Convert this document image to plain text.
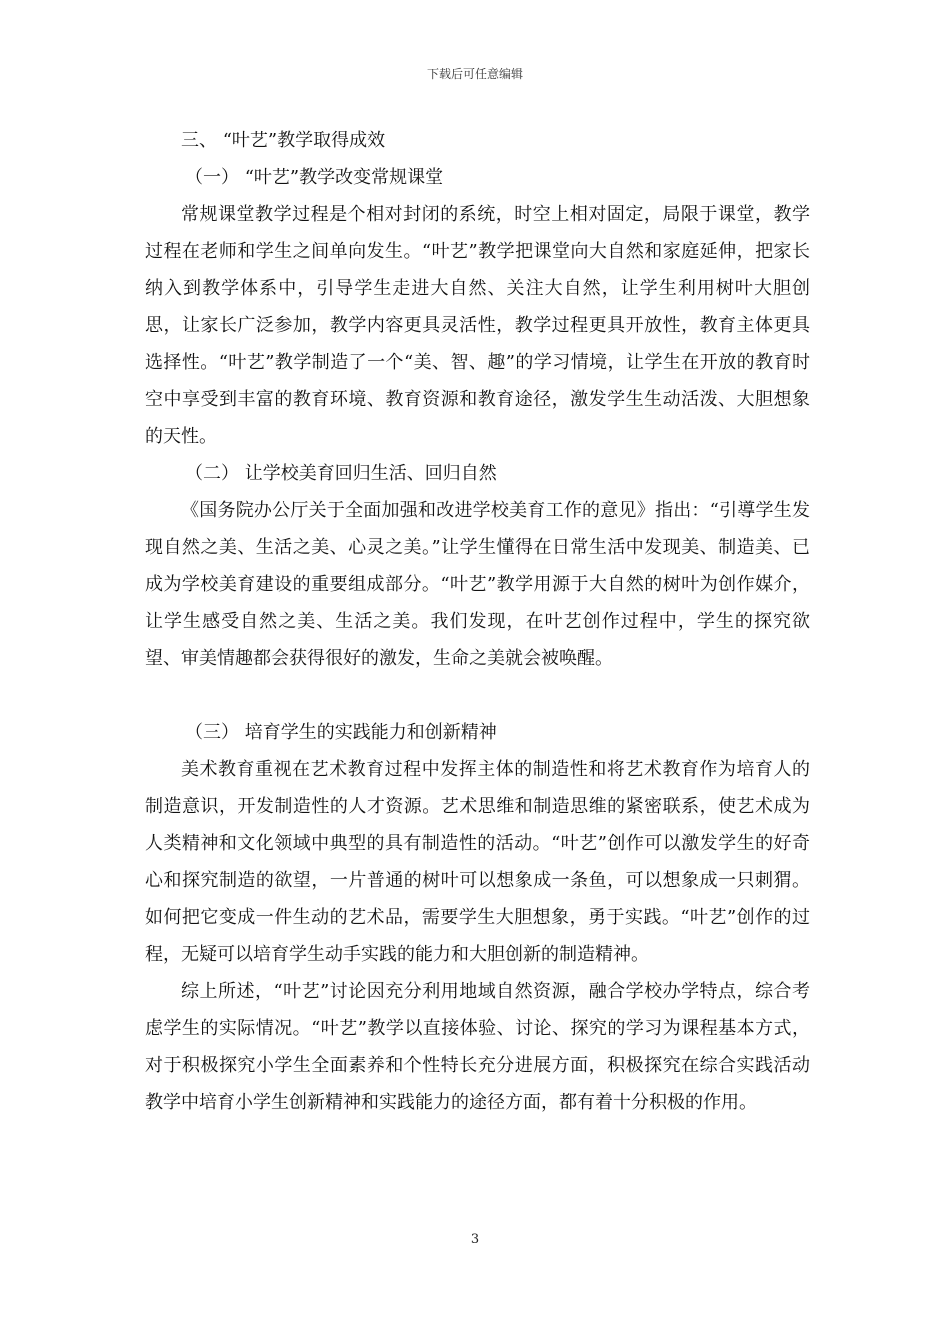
下载后可任意编辑

三、 “叶艺”教学取得成效

（一） “叶艺”教学改变常规课堂

常规课堂教学过程是个相对封闭的系统，时空上相对固定，局限于课堂，教学过程在老师和学生之间单向发生。“叶艺”教学把课堂向大自然和家庭延伸，把家长纳入到教学体系中，引导学生走进大自然、关注大自然，让学生利用树叶大胆创思，让家长广泛参加，教学内容更具灵活性，教学过程更具开放性，教育主体更具选择性。“叶艺”教学制造了一个“美、智、趣”的学习情境，让学生在开放的教育时空中享受到丰富的教育环境、教育资源和教育途径，激发学生生动活泼、大胆想象的天性。

（二） 让学校美育回归生活、回归自然

《国务院办公厅关于全面加强和改进学校美育工作的意见》指出：“引導学生发现自然之美、生活之美、心灵之美。”让学生懂得在日常生活中发现美、制造美、已成为学校美育建设的重要组成部分。“叶艺”教学用源于大自然的树叶为创作媒介，让学生感受自然之美、生活之美。我们发现，在叶艺创作过程中，学生的探究欲望、审美情趣都会获得很好的激发，生命之美就会被唤醒。

（三） 培育学生的实践能力和创新精神

美术教育重视在艺术教育过程中发挥主体的制造性和将艺术教育作为培育人的制造意识，开发制造性的人才资源。艺术思维和制造思维的紧密联系，使艺术成为人类精神和文化领域中典型的具有制造性的活动。“叶艺”创作可以激发学生的好奇心和探究制造的欲望，一片普通的树叶可以想象成一条鱼，可以想象成一只刺猬。如何把它变成一件生动的艺术品，需要学生大胆想象，勇于实践。“叶艺”创作的过程，无疑可以培育学生动手实践的能力和大胆创新的制造精神。

综上所述，“叶艺”讨论因充分利用地域自然资源，融合学校办学特点，综合考虑学生的实际情况。“叶艺”教学以直接体验、讨论、探究的学习为课程基本方式，对于积极探究小学生全面素养和个性特长充分进展方面，积极探究在综合实践活动教学中培育小学生创新精神和实践能力的途径方面，都有着十分积极的作用。

3
